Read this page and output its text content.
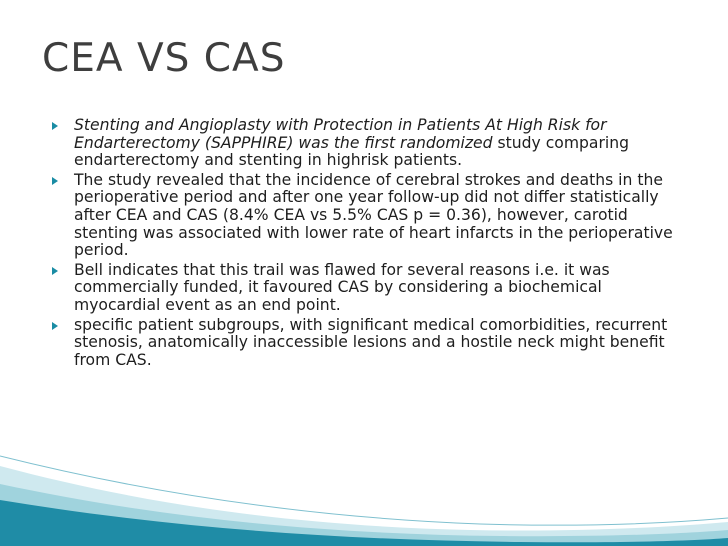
CEA VS CAS
Stenting and Angioplasty with Protection in Patients At High Risk for Endarterectomy (SAPPHIRE) was the first randomized study comparing endarterectomy and stenting in highrisk patients.
The study revealed that the incidence of cerebral strokes and deaths in the perioperative period and after one year follow-up did not differ statistically after CEA and CAS (8.4% CEA vs 5.5% CAS p = 0.36), however, carotid stenting was associated with lower rate of heart infarcts in the perioperative period.
Bell indicates that this trail was flawed for several reasons i.e. it was commercially funded, it favoured CAS by considering a biochemical myocardial event as an end point.
specific patient subgroups, with significant medical comorbidities, recurrent stenosis, anatomically inaccessible lesions and a hostile neck might benefit from CAS.
